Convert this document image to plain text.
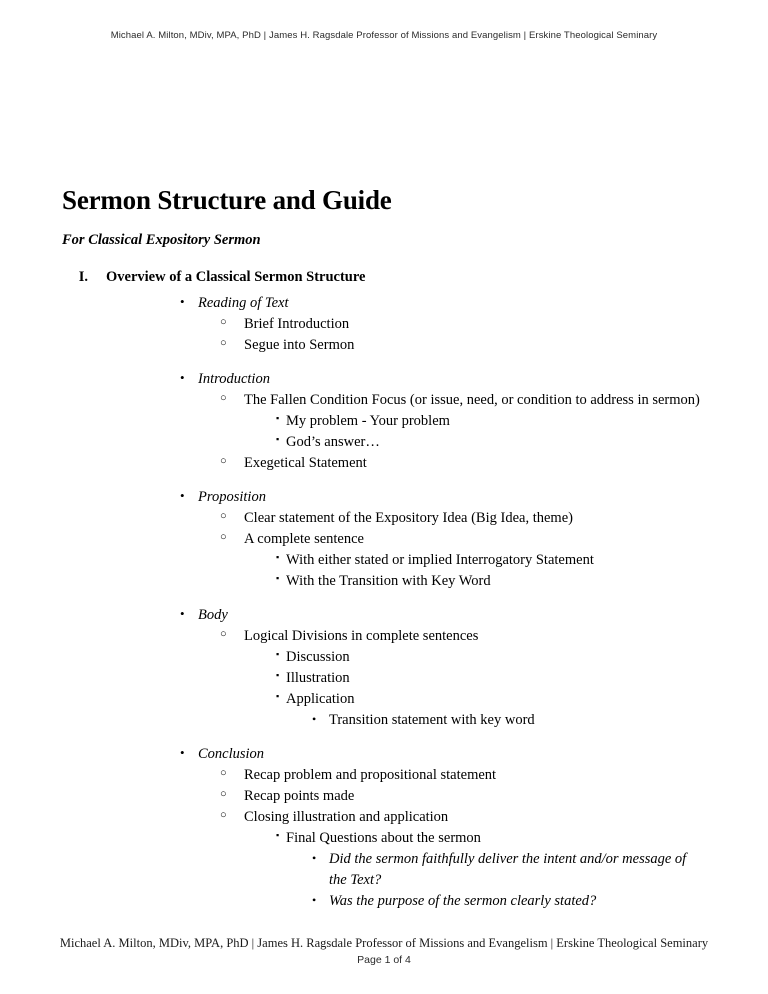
Michael A. Milton, MDiv, MPA, PhD | James H. Ragsdale Professor of Missions and Evangelism | Erskine Theological Seminary
Sermon Structure and Guide
For Classical Expository Sermon
I. Overview of a Classical Sermon Structure
• Reading of Text
○	Brief Introduction
○	Segue into Sermon
• Introduction
○	The Fallen Condition Focus (or issue, need, or condition to address in sermon)
▪ My problem - Your problem
▪ God’s answer…
○	Exegetical Statement
• Proposition
○	Clear statement of the Expository Idea (Big Idea, theme)
○	A complete sentence
▪ With either stated or implied Interrogatory Statement
▪ With the Transition with Key Word
• Body
○	Logical Divisions in complete sentences
▪ Discussion
▪ Illustration
▪ Application
• Transition statement with key word
• Conclusion
○	Recap problem and propositional statement
○	Recap points made
○	Closing illustration and application
▪ Final Questions about the sermon
• Did the sermon faithfully deliver the intent and/or message of the Text?
• Was the purpose of the sermon clearly stated?
Michael A. Milton, MDiv, MPA, PhD | James H. Ragsdale Professor of Missions and Evangelism | Erskine Theological Seminary
Page 1 of 4
